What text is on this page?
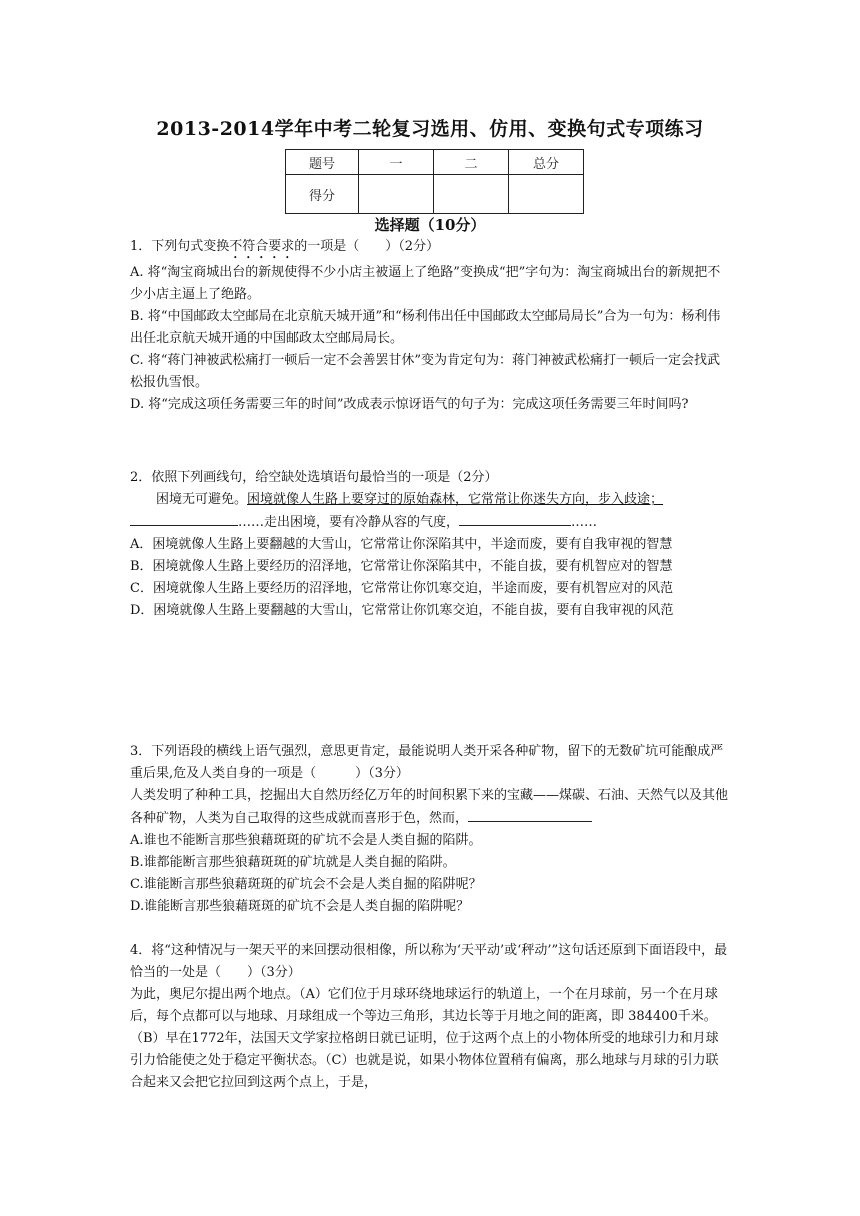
2013-2014学年中考二轮复习选用、仿用、变换句式专项练习
题号	一	二	总分
得分			
选择题（10分）

1．下列句式变换不符合要求的一项是（　　）（2分）

A. 将“淘宝商城出台的新规使得不少小店主被逼上了绝路”变换成“把”字句为：淘宝商城出台的新规把不少小店主逼上了绝路。

B. 将“中国邮政太空邮局在北京航天城开通”和“杨利伟出任中国邮政太空邮局局长”合为一句为：杨利伟出任北京航天城开通的中国邮政太空邮局局长。

C. 将“蒋门神被武松痛打一顿后一定不会善罢甘休”变为肯定句为：蒋门神被武松痛打一顿后一定会找武松报仇雪恨。

D. 将“完成这项任务需要三年的时间”改成表示惊讶语气的句子为：完成这项任务需要三年时间吗?

2．依照下列画线句，给空缺处选填语句最恰当的一项是（2分）

困境无可避免。困境就像人生路上要穿过的原始森林，它常常让你迷失方向，步入歧途；……走出困境，要有冷静从容的气度，	……

A．困境就像人生路上要翻越的大雪山，它常常让你深陷其中，半途而废，要有自我审视的智慧

B．困境就像人生路上要经历的沼泽地，它常常让你深陷其中，不能自拔，要有机智应对的智慧

C．困境就像人生路上要经历的沼泽地，它常常让你饥寒交迫，半途而废，要有机智应对的风范

D．困境就像人生路上要翻越的大雪山，它常常让你饥寒交迫，不能自拔，要有自我审视的风范

3．下列语段的横线上语气强烈，意思更肯定，最能说明人类开采各种矿物，留下的无数矿坑可能酿成严重后果,危及人类自身的一项是（　　　）（3分）

人类发明了种种工具，挖掘出大自然历经亿万年的时间积累下来的宝藏——煤碳、石油、天然气以及其他各种矿物，人类为自己取得的这些成就而喜形于色，然而，

A.谁也不能断言那些狼藉斑斑的矿坑不会是人类自掘的陷阱。

B.谁都能断言那些狼藉斑斑的矿坑就是人类自掘的陷阱。

C.谁能断言那些狼藉斑斑的矿坑会不会是人类自掘的陷阱呢？

D.谁能断言那些狼藉斑斑的矿坑不会是人类自掘的陷阱呢？

4．将“这种情况与一架天平的来回摆动很相像，所以称为‘天平动’或‘秤动’”这句话还原到下面语段中，最恰当的一处是（　　）（3分）

为此，奥尼尔提出两个地点。（A）它们位于月球环绕地球运行的轨道上，一个在月球前，另一个在月球后，每个点都可以与地球、月球组成一个等边三角形，其边长等于月地之间的距离，即 384400千米。（B）早在1772年，法国天文学家拉格朗日就已证明，位于这两个点上的小物体所受的地球引力和月球引力恰能使之处于稳定平衡状态。（C）也就是说，如果小物体位置稍有偏离，那么地球与月球的引力联合起来又会把它拉回到这两个点上，于是，
